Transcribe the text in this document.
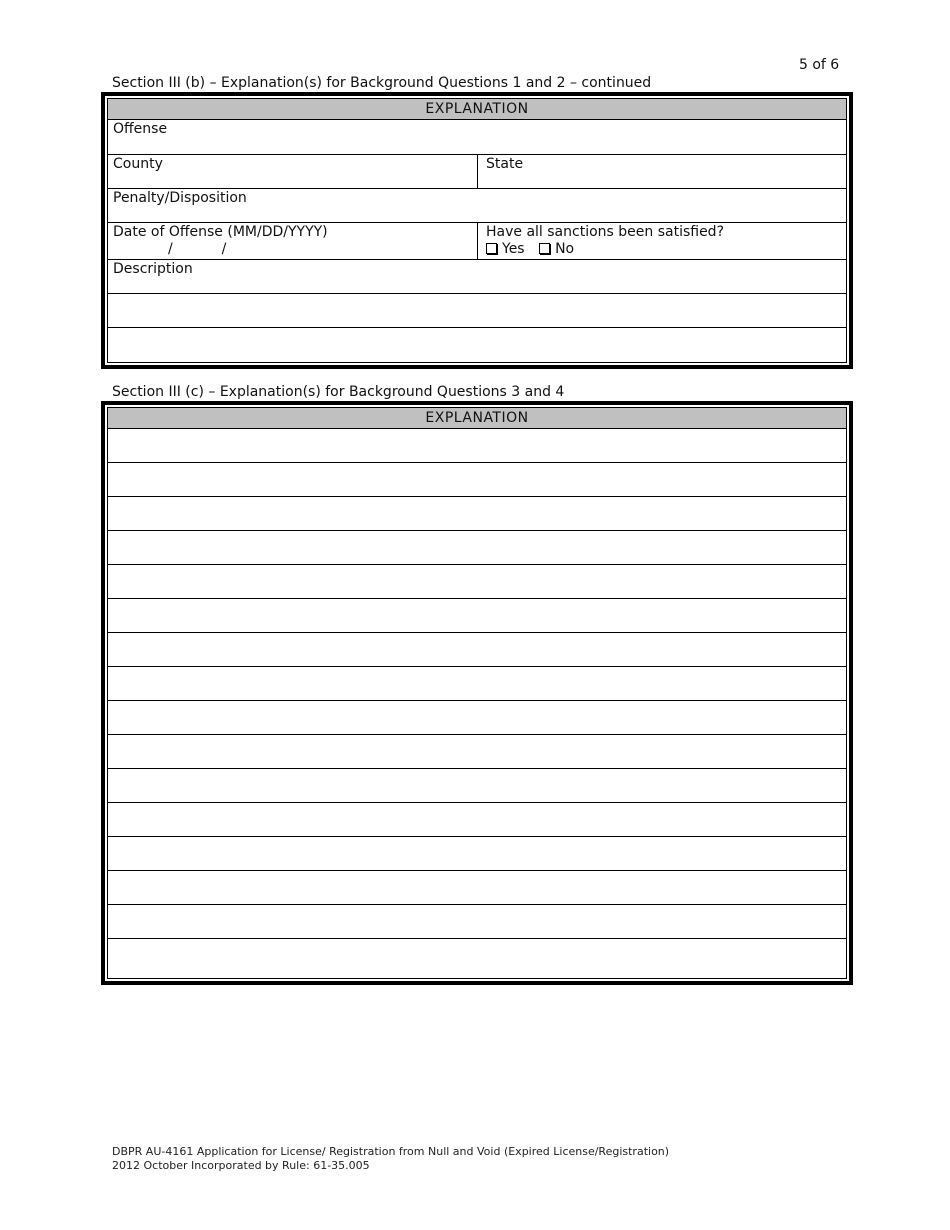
5 of 6
Section III (b) – Explanation(s) for Background Questions 1 and 2 – continued
EXPLANATION
Offense
County	State
Penalty/Disposition
Date of Offense (MM/DD/YYYY)
/           /
Have all sanctions been satisfied?
Yes No
Description
Section III (c) – Explanation(s) for Background Questions 3 and 4
EXPLANATION
DBPR AU-4161 Application for License/ Registration from Null and Void (Expired License/Registration)
2012 October Incorporated by Rule: 61-35.005
